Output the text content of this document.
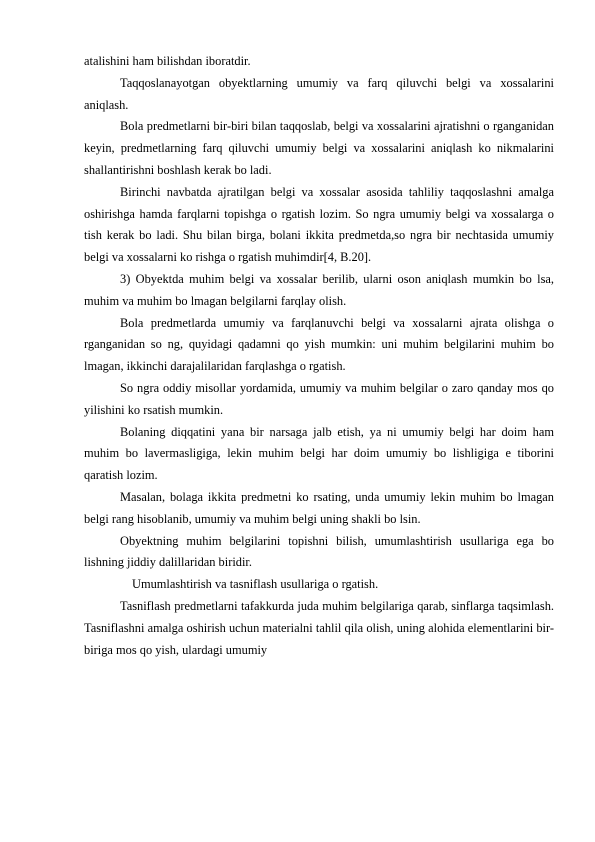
atalishini ham bilishdan iboratdir.

Taqqoslanayotgan obyektlarning umumiy va farq qiluvchi belgi va xossalarini aniqlash.

Bola predmetlarni bir-biri bilan taqqoslab, belgi va xossalarini ajratishni o rganganidan keyin, predmetlarning farq qiluvchi umumiy belgi va xossalarini aniqlash ko nikmalarini shallantirishni boshlash kerak bo ladi.

Birinchi navbatda ajratilgan belgi va xossalar asosida tahliliy taqqoslashni amalga oshirishga hamda farqlarni topishga o rgatish lozim. So ngra umumiy belgi va xossalarga o tish kerak bo ladi. Shu bilan birga, bolani ikkita predmetda,so ngra bir nechtasida umumiy belgi va xossalarni ko rishga o rgatish muhimdir[4, B.20].

3) Obyektda muhim belgi va xossalar berilib, ularni oson aniqlash mumkin bo lsa, muhim va muhim bo lmagan belgilarni farqlay olish.

Bola predmetlarda umumiy va farqlanuvchi belgi va xossalarni ajrata olishga o rganganidan so ng, quyidagi qadamni qo yish mumkin: uni muhim belgilarini muhim bo lmagan, ikkinchi darajalilaridan farqlashga o rgatish.

So ngra oddiy misollar yordamida, umumiy va muhim belgilar o zaro qanday mos qo yilishini ko rsatish mumkin.

Bolaning diqqatini yana bir narsaga jalb etish, ya ni umumiy belgi har doim ham muhim bo lavermasligiga, lekin muhim belgi har doim umumiy bo lishligiga e tiborini qaratish lozim.

Masalan, bolaga ikkita predmetni ko rsating, unda umumiy lekin muhim bo lmagan belgi rang hisoblanib, umumiy va muhim belgi uning shakli bo lsin.

Obyektning muhim belgilarini topishni bilish, umumlashtirish usullariga ega bo lishning jiddiy dalillaridan biridir.

Umumlashtirish va tasniflash usullariga o rgatish.

Tasniflash predmetlarni tafakkurda juda muhim belgilariga qarab, sinflarga taqsimlash. Tasniflashni amalga oshirish uchun materialni tahlil qila olish, uning alohida elementlarini bir-biriga mos qo yish, ulardagi umumiy
